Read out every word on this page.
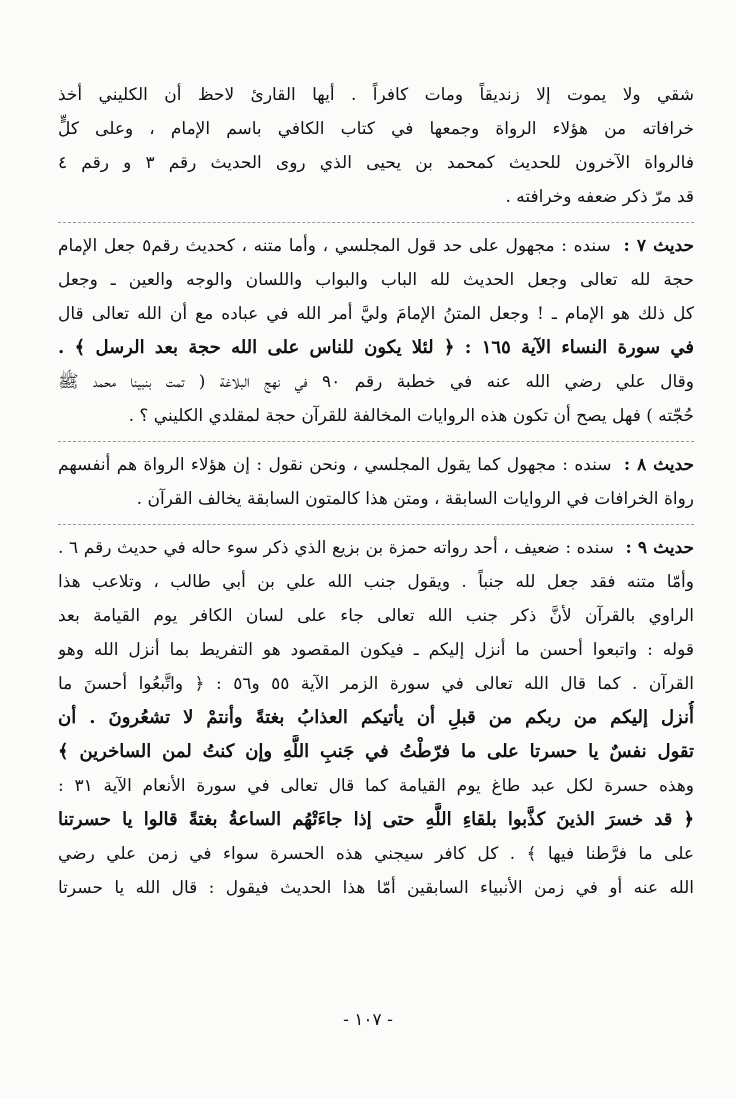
شقي ولا يموت إلا زنديقاً ومات كافراً . أيها القارئ لاحظ أن الكليني أخذ
خرافاته من هؤلاء الرواة وجمعها في كتاب الكافي باسم الإمام ، وعلى كلٍّ
فالرواة الآخرون للحديث كمحمد بن يحيى الذي روى الحديث رقم ٣ و رقم ٤
قد مرّ ذكر ضعفه وخرافته .
حديث ٧ : سنده : مجهول على حد قول المجلسي ، وأما متنه ، كحديث رقم٥ جعل الإمام
حجة لله تعالى وجعل الحديث لله الباب والبواب واللسان والوجه والعين ـ وجعل
كل ذلك هو الإمام ـ ! وجعل المتنُ الإمامَ وليَّ أمر الله في عباده مع أن الله تعالى قال
في سورة النساء الآية ١٦٥ : ﴿ لئلا يكون للناس على الله حجة بعد الرسل ﴾ .
وقال علي رضي الله عنه في خطبة رقم ٩٠ في نهج البلاغة ( تمت بنبينا محمد ﷺ
حُجّته ) فهل يصح أن تكون هذه الروايات المخالفة للقرآن حجة لمقلدي الكليني ؟ .
حديث ٨ : سنده : مجهول كما يقول المجلسي ، ونحن نقول : إن هؤلاء الرواة هم أنفسهم
رواة الخرافات في الروايات السابقة ، ومتن هذا كالمتون السابقة يخالف القرآن .
حديث ٩ : سنده : ضعيف ، أحد رواته حمزة بن بزيع الذي ذكر سوء حاله في حديث رقم ٦ .
وأمّا متنه فقد جعل لله جنباً . ويقول جنب الله علي بن أبي طالب ، وتلاعب هذا
الراوي بالقرآن لأنَّ ذكر جنب الله تعالى جاء على لسان الكافر يوم القيامة بعد
قوله : واتبعوا أحسن ما أنزل إليكم ـ فيكون المقصود هو التفريط بما أنزل الله وهو
القرآن . كما قال الله تعالى في سورة الزمر الآية ٥٥ و٥٦ : ﴿ واتَّبعُوا أحسنَ ما
أُنزل إليكم من ربكم من قبلِ أن يأتيكم العذابُ بغتةً وأنتمْ لا تشعُرونَ . أن
تقول نفسٌ يا حسرتا على ما فرّطْتُ في جَنبِ اللَّهِ وإن كنتُ لمن الساخرين ﴾
وهذه حسرة لكل عبد طاغ يوم القيامة كما قال تعالى في سورة الأنعام الآية ٣١ :
﴿ قد خسرَ الذينَ كذَّبوا بلقاءِ اللَّهِ حتى إذا جاءَتْهُم الساعةُ بغتةً قالوا يا حسرتنا
على ما فرَّطنا فيها ﴾ . كل كافر سيجني هذه الحسرة سواء في زمن علي رضي
الله عنه أو في زمن الأنبياء السابقين أمّا هذا الحديث فيقول : قال الله يا حسرتا
- ١٠٧ -
